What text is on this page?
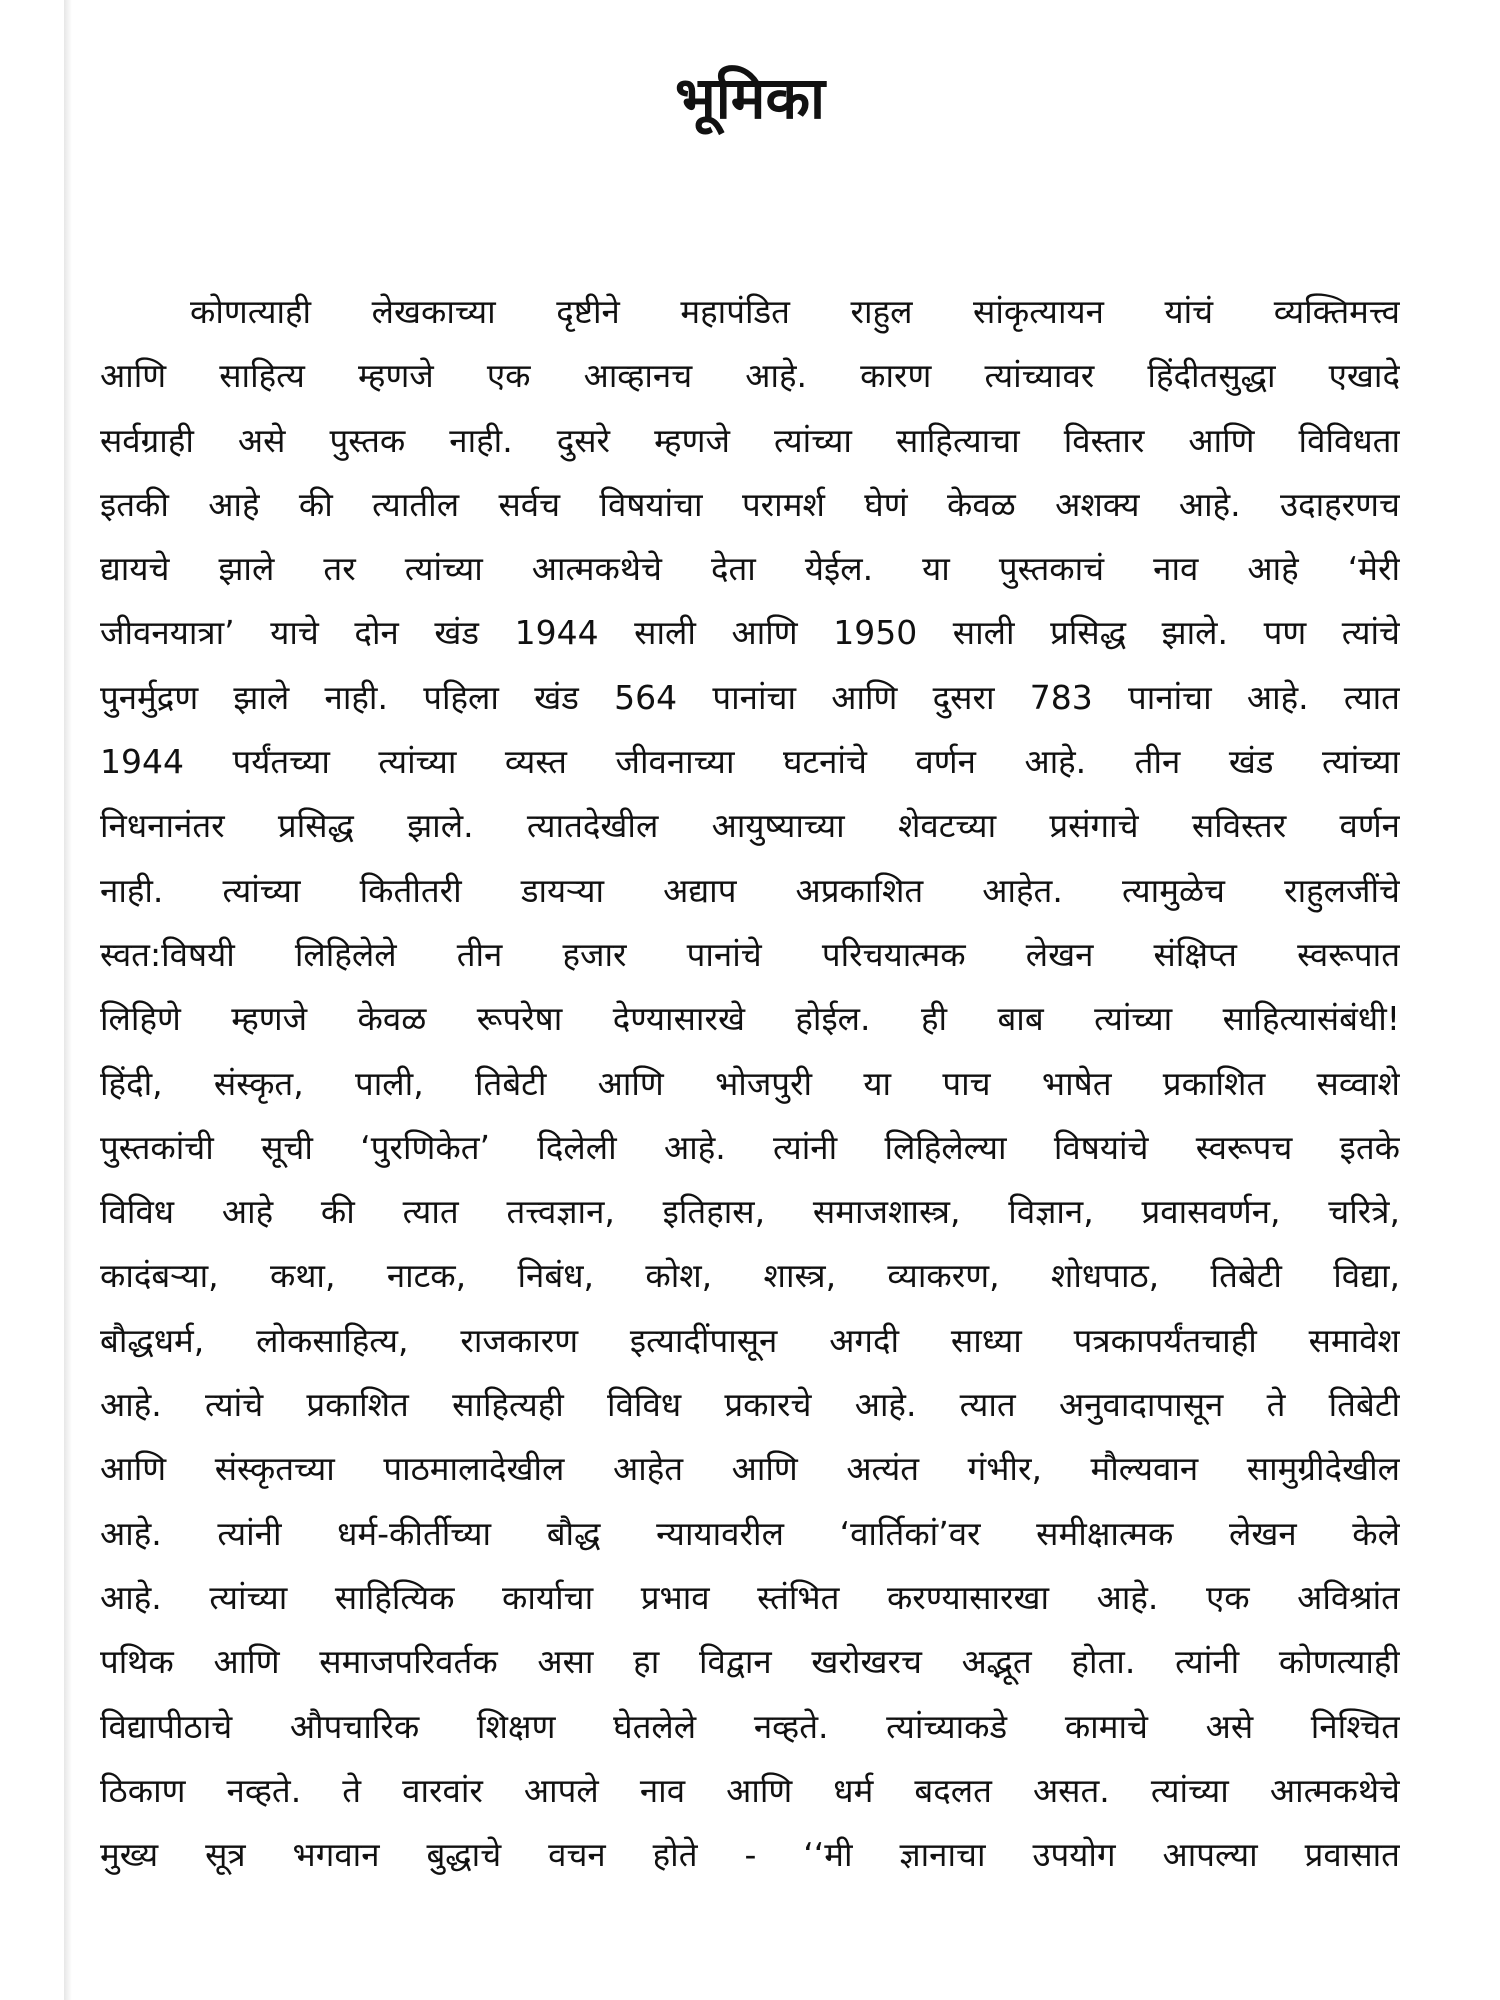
भूमिका
कोणत्याही लेखकाच्या दृष्टीने महापंडित राहुल सांकृत्यायन यांचं व्यक्तिमत्त्व
आणि साहित्य म्हणजे एक आव्हानच आहे. कारण त्यांच्यावर हिंदीतसुद्धा एखादे
सर्वग्राही असे पुस्तक नाही. दुसरे म्हणजे त्यांच्या साहित्याचा विस्तार आणि विविधता
इतकी आहे की त्यातील सर्वच विषयांचा परामर्श घेणं केवळ अशक्य आहे. उदाहरणच
द्यायचे झाले तर त्यांच्या आत्मकथेचे देता येईल. या पुस्तकाचं नाव आहे ‘मेरी
जीवनयात्रा’ याचे दोन खंड 1944 साली आणि 1950 साली प्रसिद्ध झाले. पण त्यांचे
पुनर्मुद्रण झाले नाही. पहिला खंड 564 पानांचा आणि दुसरा 783 पानांचा आहे. त्यात
1944 पर्यंतच्या त्यांच्या व्यस्त जीवनाच्या घटनांचे वर्णन आहे. तीन खंड त्यांच्या
निधनानंतर प्रसिद्ध झाले. त्यातदेखील आयुष्याच्या शेवटच्या प्रसंगाचे सविस्तर वर्णन
नाही. त्यांच्या कितीतरी डायऱ्या अद्याप अप्रकाशित आहेत. त्यामुळेच राहुलजींचे
स्वत:विषयी लिहिलेले तीन हजार पानांचे परिचयात्मक लेखन संक्षिप्त स्वरूपात
लिहिणे म्हणजे केवळ रूपरेषा देण्यासारखे होईल. ही बाब त्यांच्या साहित्यासंबंधी!
हिंदी, संस्कृत, पाली, तिबेटी आणि भोजपुरी या पाच भाषेत प्रकाशित सव्वाशे
पुस्तकांची सूची ‘पुरणिकेत’ दिलेली आहे. त्यांनी लिहिलेल्या विषयांचे स्वरूपच इतके
विविध आहे की त्यात तत्त्वज्ञान, इतिहास, समाजशास्त्र, विज्ञान, प्रवासवर्णन, चरित्रे,
कादंबऱ्या, कथा, नाटक, निबंध, कोश, शास्त्र, व्याकरण, शोधपाठ, तिबेटी विद्या,
बौद्धधर्म, लोकसाहित्य, राजकारण इत्यादींपासून अगदी साध्या पत्रकापर्यंतचाही समावेश
आहे. त्यांचे प्रकाशित साहित्यही विविध प्रकारचे आहे. त्यात अनुवादापासून ते तिबेटी
आणि संस्कृतच्या पाठमालादेखील आहेत आणि अत्यंत गंभीर, मौल्यवान सामुग्रीदेखील
आहे. त्यांनी धर्म-कीर्तीच्या बौद्ध न्यायावरील ‘वार्तिकां’वर समीक्षात्मक लेखन केले
आहे. त्यांच्या साहित्यिक कार्याचा प्रभाव स्तंभित करण्यासारखा आहे. एक अविश्रांत
पथिक आणि समाजपरिवर्तक असा हा विद्वान खरोखरच अद्भूत होता. त्यांनी कोणत्याही
विद्यापीठाचे औपचारिक शिक्षण घेतलेले नव्हते. त्यांच्याकडे कामाचे असे निश्चित
ठिकाण नव्हते. ते वारवांर आपले नाव आणि धर्म बदलत असत. त्यांच्या आत्मकथेचे
मुख्य सूत्र भगवान बुद्धाचे वचन होते - ‘‘मी ज्ञानाचा उपयोग आपल्या प्रवासात
